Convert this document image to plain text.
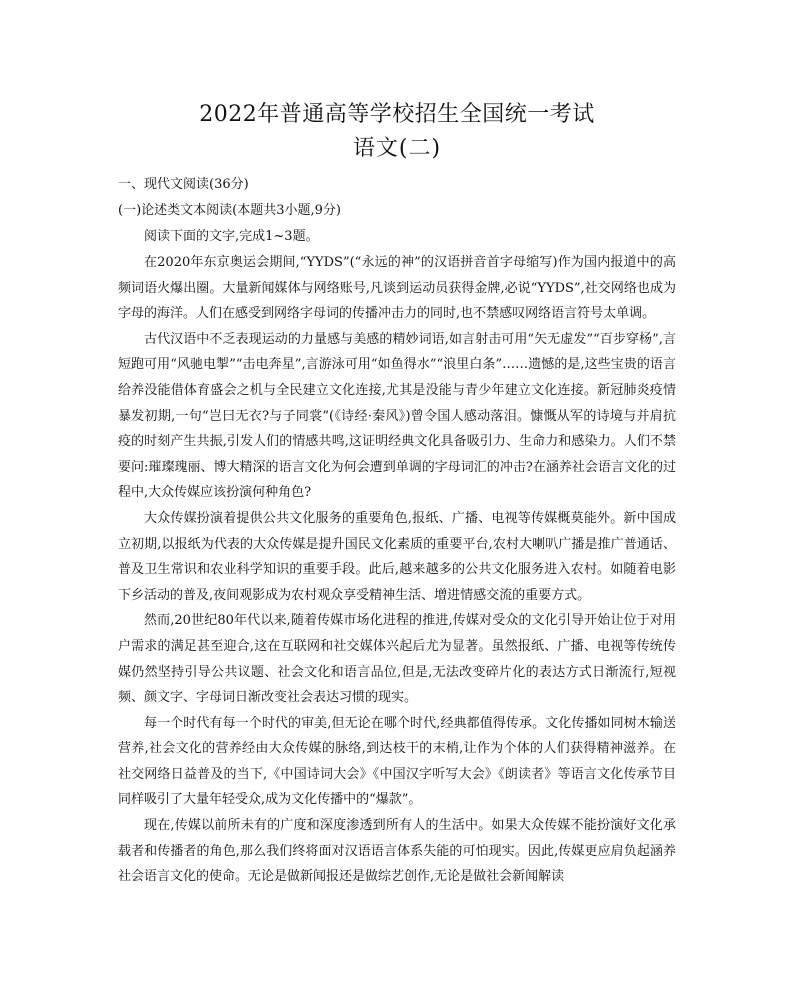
2022年普通高等学校招生全国统一考试
语文(二)

一、现代文阅读(36分)

(一)论述类文本阅读(本题共3小题,9分)

阅读下面的文字,完成1~3题。

在2020年东京奥运会期间,“YYDS”(“永远的神”的汉语拼音首字母缩写)作为国内报道中的高频词语火爆出圈。大量新闻媒体与网络账号,凡谈到运动员获得金牌,必说“YYDS”,社交网络也成为字母的海洋。人们在感受到网络字母词的传播冲击力的同时,也不禁感叹网络语言符号太单调。

古代汉语中不乏表现运动的力量感与美感的精妙词语,如言射击可用“矢无虚发”“百步穿杨”,言短跑可用“风驰电掣”“击电奔星”,言游泳可用“如鱼得水”“浪里白条”……遗憾的是,这些宝贵的语言给养没能借体育盛会之机与全民建立文化连接,尤其是没能与青少年建立文化连接。新冠肺炎疫情暴发初期,一句“岂曰无衣?与子同裳”(《诗经·秦风》)曾令国人感动落泪。慷慨从军的诗境与并肩抗疫的时刻产生共振,引发人们的情感共鸣,这证明经典文化具备吸引力、生命力和感染力。人们不禁要问:璀璨瑰丽、博大精深的语言文化为何会遭到单调的字母词汇的冲击?在涵养社会语言文化的过程中,大众传媒应该扮演何种角色?

大众传媒扮演着提供公共文化服务的重要角色,报纸、广播、电视等传媒概莫能外。新中国成立初期,以报纸为代表的大众传媒是提升国民文化素质的重要平台,农村大喇叭广播是推广普通话、普及卫生常识和农业科学知识的重要手段。此后,越来越多的公共文化服务进入农村。如随着电影下乡活动的普及,夜间观影成为农村观众享受精神生活、增进情感交流的重要方式。

然而,20世纪80年代以来,随着传媒市场化进程的推进,传媒对受众的文化引导开始让位于对用户需求的满足甚至迎合,这在互联网和社交媒体兴起后尤为显著。虽然报纸、广播、电视等传统传媒仍然坚持引导公共议题、社会文化和语言品位,但是,无法改变碎片化的表达方式日渐流行,短视频、颜文字、字母词日渐改变社会表达习惯的现实。

每一个时代有每一个时代的审美,但无论在哪个时代,经典都值得传承。文化传播如同树木输送营养,社会文化的营养经由大众传媒的脉络,到达枝干的末梢,让作为个体的人们获得精神滋养。在社交网络日益普及的当下,《中国诗词大会》《中国汉字听写大会》《朗读者》等语言文化传承节目同样吸引了大量年轻受众,成为文化传播中的“爆款”。

现在,传媒以前所未有的广度和深度渗透到所有人的生活中。如果大众传媒不能扮演好文化承载者和传播者的角色,那么我们终将面对汉语语言体系失能的可怕现实。因此,传媒更应肩负起涵养社会语言文化的使命。无论是做新闻报还是做综艺创作,无论是做社会新闻解读
